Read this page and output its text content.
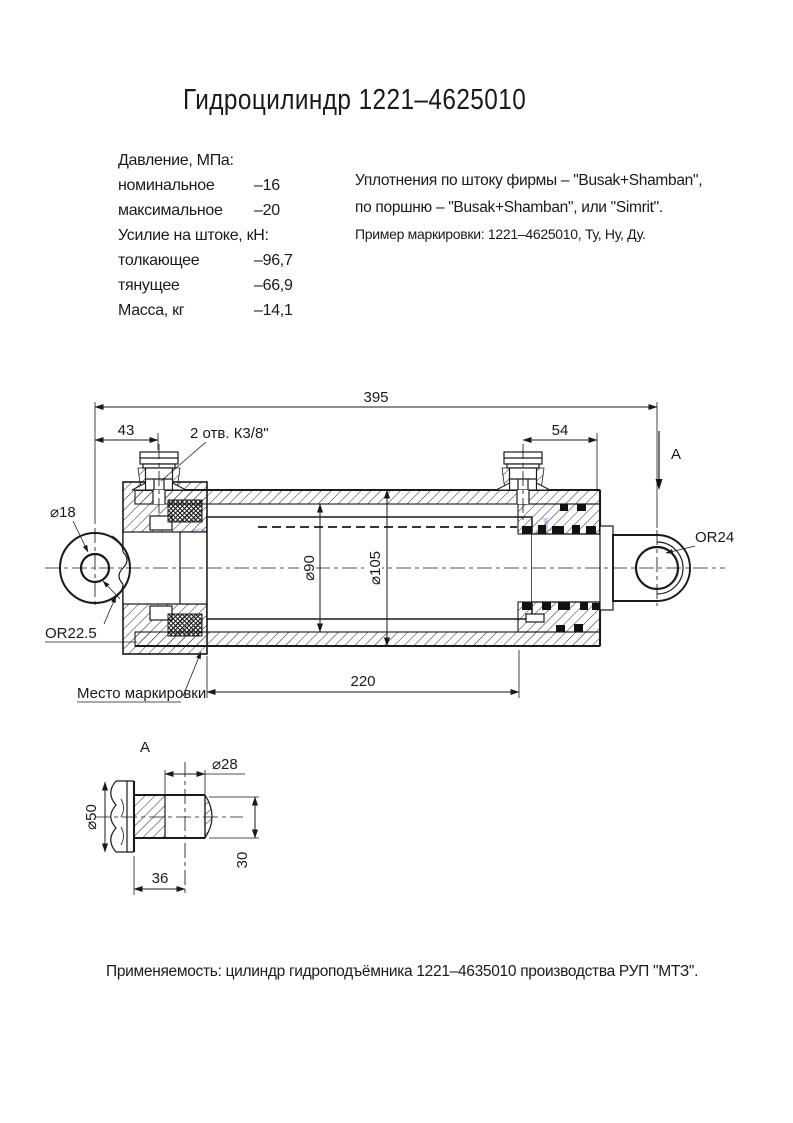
Гидроцилиндр 1221–4625010
Давление, МПа:
номинальное	–16
максимальное	–20
Усилие на штоке, кН:
толкающее	–96,7
тянущее	–66,9
Масса, кг	–14,1
Уплотнения по штоку фирмы – "Busak+Shamban",
по поршню – "Busak+Shamban", или "Simrit".
Пример маркировки: 1221–4625010, Ту, Ну, Ду.
395
43	54
2 отв. К3/8"
A
⌀90	⌀105
220
Место маркировки
⌀18
OR22.5
OR24
A
⌀50
⌀28
30
36
Применяемость: цилиндр гидроподъёмника 1221–4635010 производства РУП "МТЗ".
